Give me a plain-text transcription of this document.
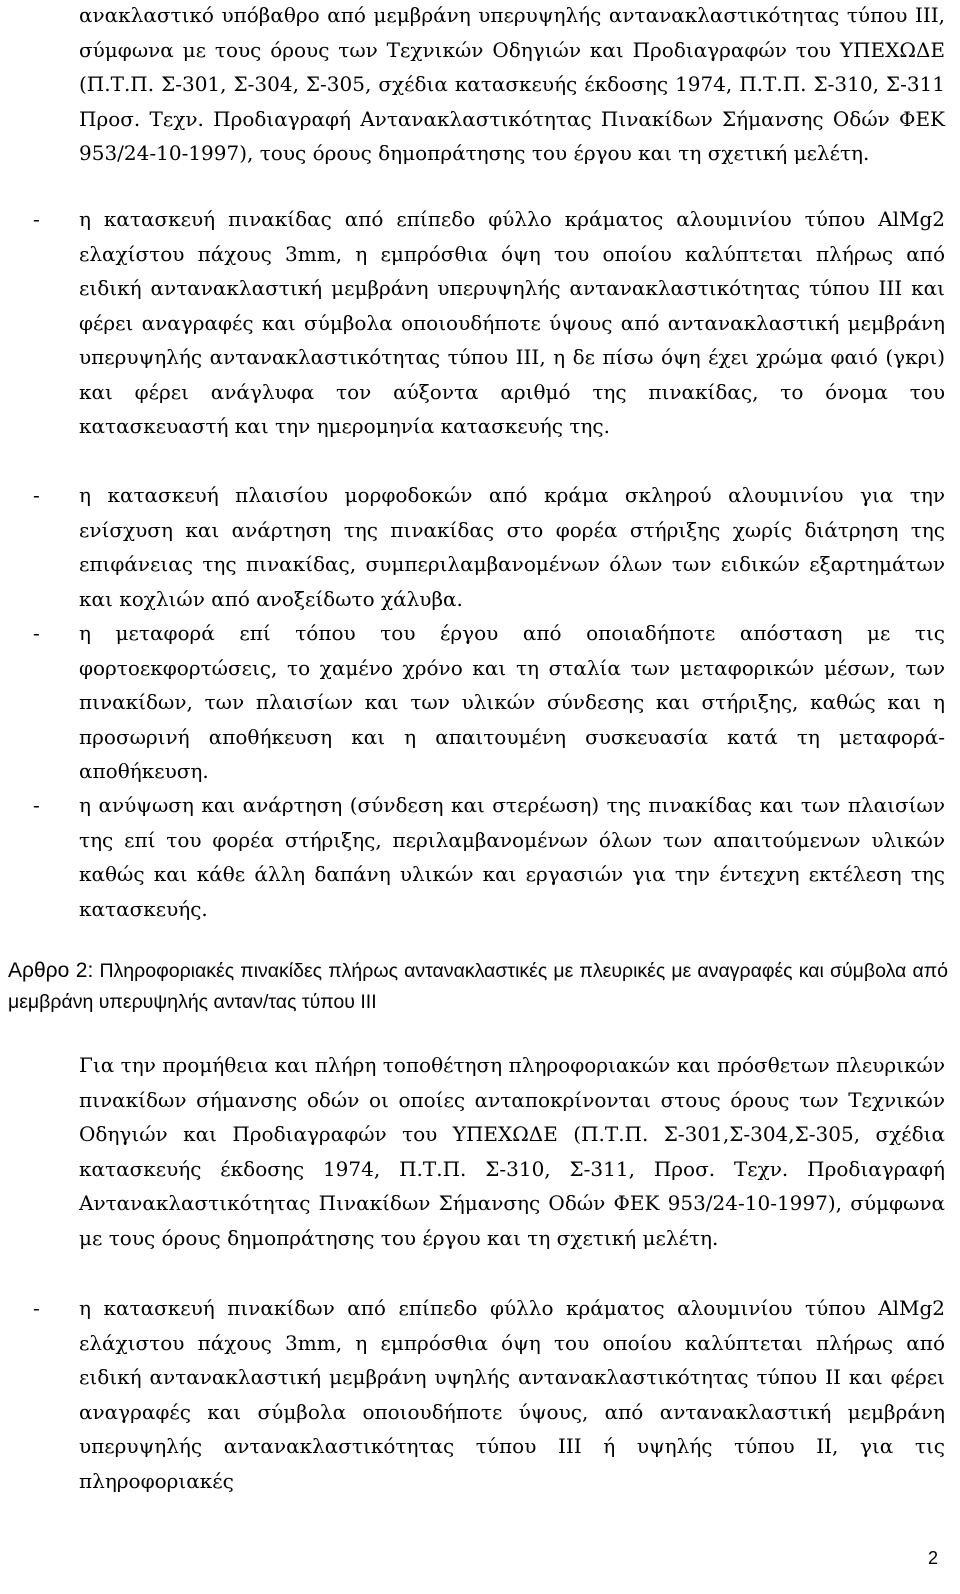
ανακλαστικό υπόβαθρο από μεμβράνη υπερυψηλής αντανακλαστικότητας τύπου ΙΙΙ, σύμφωνα με τους όρους των Τεχνικών Οδηγιών και Προδιαγραφών του ΥΠΕΧΩΔΕ (Π.Τ.Π. Σ-301, Σ-304, Σ-305, σχέδια κατασκευής έκδοσης 1974, Π.Τ.Π. Σ-310, Σ-311 Προσ. Τεχν. Προδιαγραφή Αντανακλαστικότητας Πινακίδων Σήμανσης Οδών ΦΕΚ 953/24-10-1997), τους όρους δημοπράτησης του έργου και τη σχετική μελέτη.

- η κατασκευή πινακίδας από επίπεδο φύλλο κράματος αλουμινίου τύπου AlMg2 ελαχίστου πάχους 3mm, η εμπρόσθια όψη του οποίου καλύπτεται πλήρως από ειδική αντανακλαστική μεμβράνη υπερυψηλής αντανακλαστικότητας τύπου ΙΙΙ και φέρει αναγραφές και σύμβολα οποιουδήποτε ύψους από αντανακλαστική μεμβράνη υπερυψηλής αντανακλαστικότητας τύπου ΙΙΙ, η δε πίσω όψη έχει χρώμα φαιό (γκρι) και φέρει ανάγλυφα τον αύξοντα αριθμό της πινακίδας, το όνομα του κατασκευαστή και την ημερομηνία κατασκευής της.

- η κατασκευή πλαισίου μορφοδοκών από κράμα σκληρού αλουμινίου για την ενίσχυση και ανάρτηση της πινακίδας στο φορέα στήριξης χωρίς διάτρηση της επιφάνειας της πινακίδας, συμπεριλαμβανομένων όλων των ειδικών εξαρτημάτων και κοχλιών από ανοξείδωτο χάλυβα.

- η μεταφορά επί τόπου του έργου από οποιαδήποτε απόσταση με τις φορτοεκφορτώσεις, το χαμένο χρόνο και τη σταλία των μεταφορικών μέσων, των πινακίδων, των πλαισίων και των υλικών σύνδεσης και στήριξης, καθώς και η προσωρινή αποθήκευση και η απαιτουμένη συσκευασία κατά τη μεταφορά-αποθήκευση.

- η ανύψωση και ανάρτηση (σύνδεση και στερέωση) της πινακίδας και των πλαισίων της επί του φορέα στήριξης, περιλαμβανομένων όλων των απαιτούμενων υλικών καθώς και κάθε άλλη δαπάνη υλικών και εργασιών για την έντεχνη εκτέλεση της κατασκευής.

Αρθρο 2: Πληροφοριακές πινακίδες πλήρως αντανακλαστικές με πλευρικές με αναγραφές και σύμβολα από μεμβράνη υπερυψηλής ανταν/τας τύπου ΙΙΙ

Για την προμήθεια και πλήρη τοποθέτηση πληροφοριακών και πρόσθετων πλευρικών πινακίδων σήμανσης οδών οι οποίες ανταποκρίνονται στους όρους των Τεχνικών Οδηγιών και Προδιαγραφών του ΥΠΕΧΩΔΕ (Π.Τ.Π. Σ-301,Σ-304,Σ-305, σχέδια κατασκευής έκδοσης 1974, Π.Τ.Π. Σ-310, Σ-311, Προσ. Τεχν. Προδιαγραφή Αντανακλαστικότητας Πινακίδων Σήμανσης Οδών ΦΕΚ 953/24-10-1997), σύμφωνα με τους όρους δημοπράτησης του έργου και τη σχετική μελέτη.

- η κατασκευή πινακίδων από επίπεδο φύλλο κράματος αλουμινίου τύπου AlMg2 ελάχιστου πάχους 3mm, η εμπρόσθια όψη του οποίου καλύπτεται πλήρως από ειδική αντανακλαστική μεμβράνη υψηλής αντανακλαστικότητας τύπου ΙΙ και φέρει αναγραφές και σύμβολα οποιουδήποτε ύψους, από αντανακλαστική μεμβράνη υπερυψηλής αντανακλαστικότητας τύπου ΙΙΙ ή υψηλής τύπου ΙΙ, για τις πληροφοριακές

2
